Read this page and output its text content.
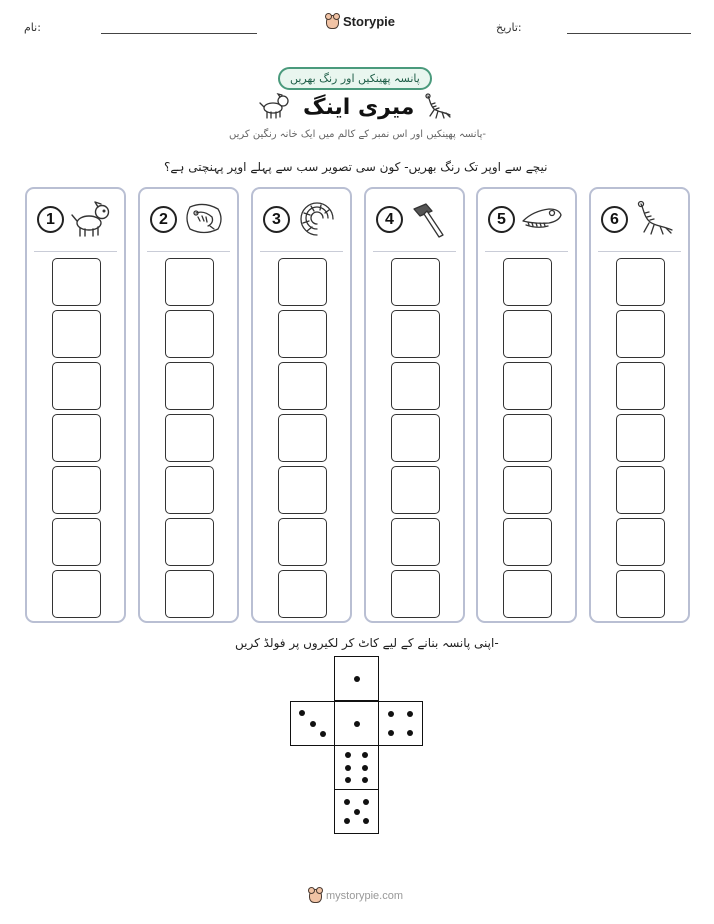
نام:	Storypie	تاریخ:
پانسہ پھینکیں اور رنگ بھریں
میری اینگ
پانسہ پھینکیں اور اس نمبر کے کالم میں ایک خانہ رنگین کریں-
نیچے سے اوپر تک رنگ بھریں- کون سی تصویر سب سے پہلے اوپر پہنچتی ہے؟
1	2	3	4	5	6
اپنی پانسہ بنانے کے لیے کاٹ کر لکیروں پر فولڈ کریں-
mystorypie.com
